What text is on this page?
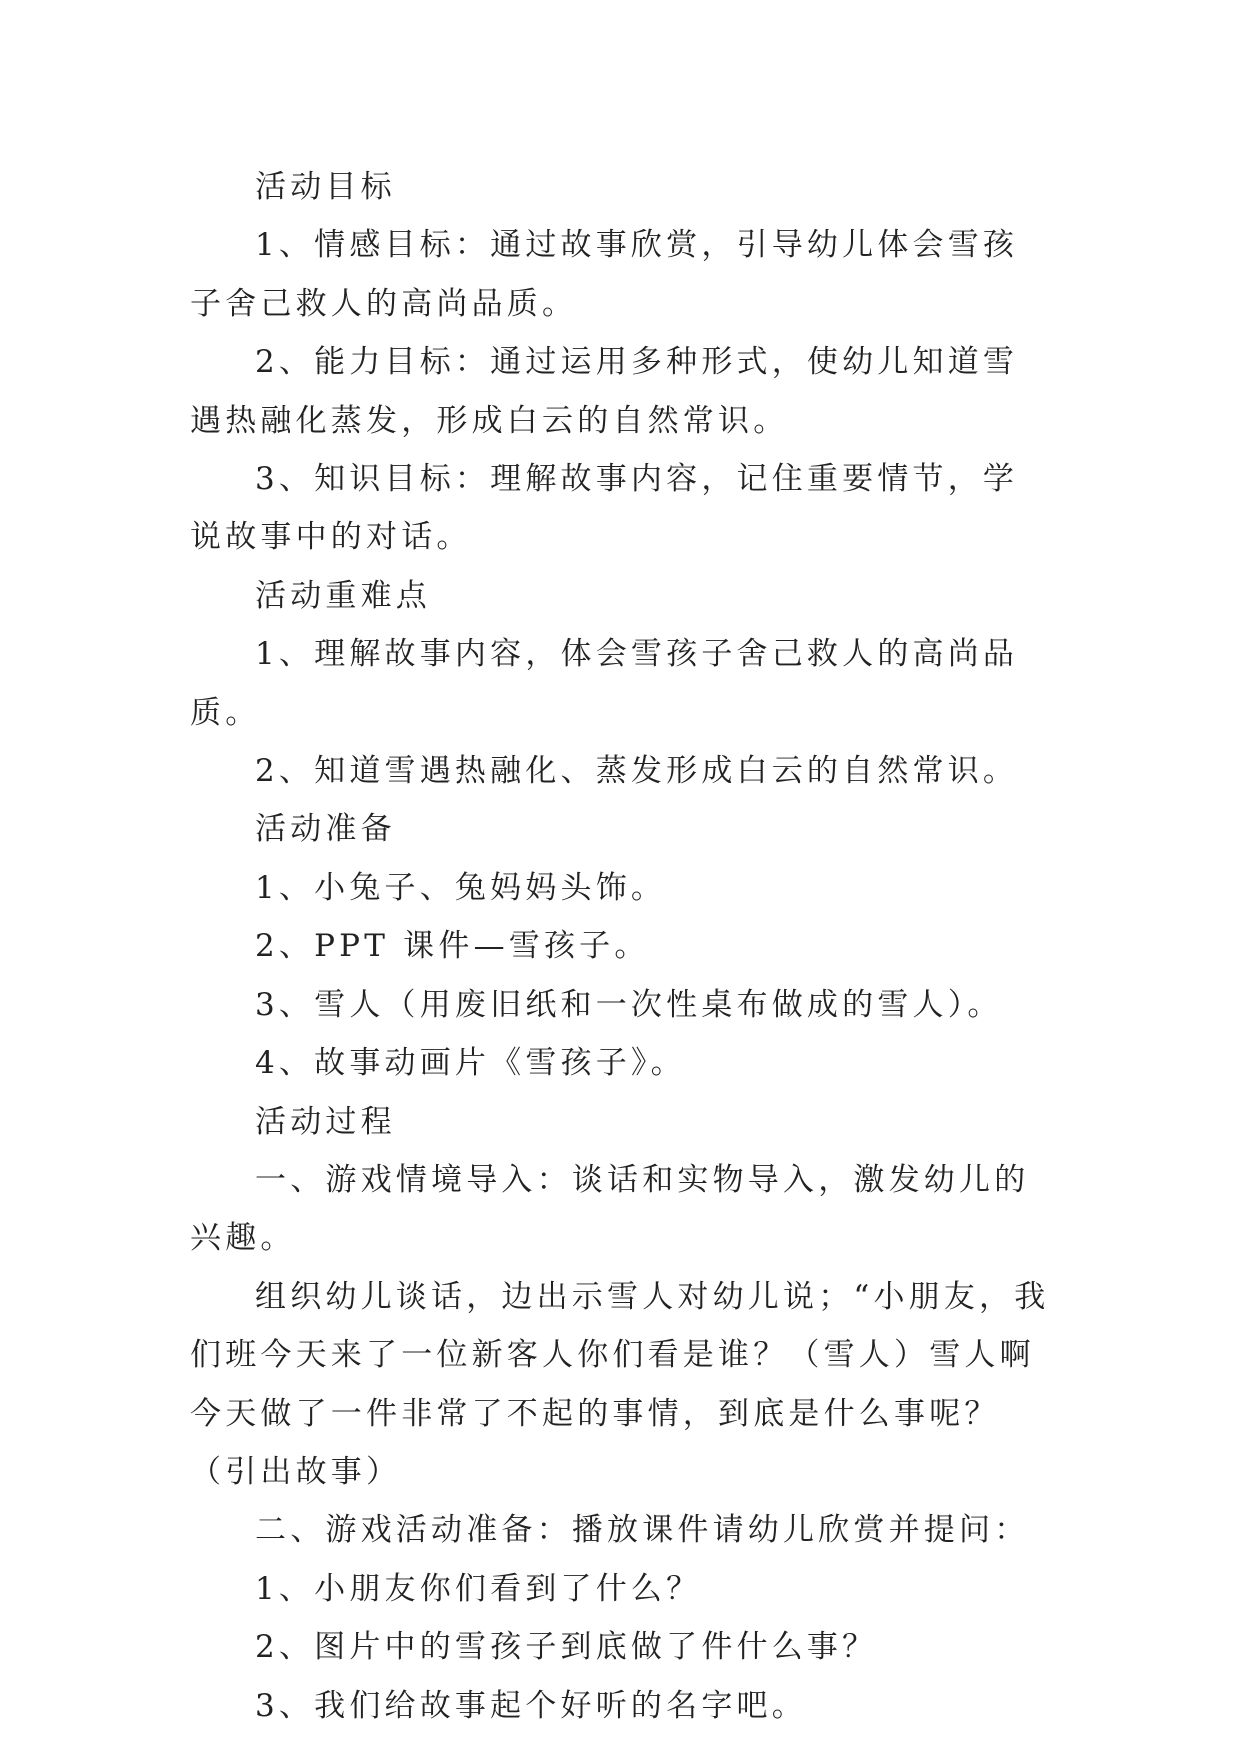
活动目标

1、情感目标：通过故事欣赏，引导幼儿体会雪孩子舍己救人的高尚品质。

2、能力目标：通过运用多种形式，使幼儿知道雪遇热融化蒸发，形成白云的自然常识。

3、知识目标：理解故事内容，记住重要情节，学说故事中的对话。

活动重难点

1、理解故事内容，体会雪孩子舍己救人的高尚品质。

2、知道雪遇热融化、蒸发形成白云的自然常识。

活动准备

1、小兔子、兔妈妈头饰。

2、PPT 课件—雪孩子。

3、雪人（用废旧纸和一次性桌布做成的雪人）。

4、故事动画片《雪孩子》。

活动过程

一、游戏情境导入：谈话和实物导入，激发幼儿的兴趣。

组织幼儿谈话，边出示雪人对幼儿说；“小朋友，我们班今天来了一位新客人你们看是谁？（雪人）雪人啊今天做了一件非常了不起的事情，到底是什么事呢？（引出故事）

二、游戏活动准备：播放课件请幼儿欣赏并提问：

1、小朋友你们看到了什么？

2、图片中的雪孩子到底做了件什么事？

3、我们给故事起个好听的名字吧。
